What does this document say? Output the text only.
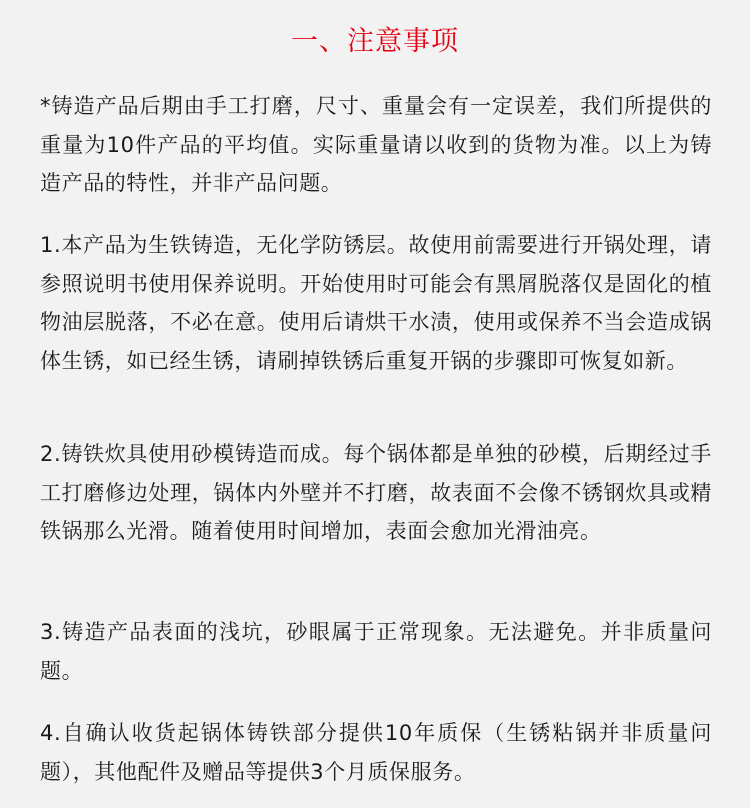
一、注意事项

*铸造产品后期由手工打磨，尺寸、重量会有一定误差，我们所提供的重量为10件产品的平均值。实际重量请以收到的货物为准。以上为铸造产品的特性，并非产品问题。

1.本产品为生铁铸造，无化学防锈层。故使用前需要进行开锅处理，请参照说明书使用保养说明。开始使用时可能会有黑屑脱落仅是固化的植物油层脱落，不必在意。使用后请烘干水渍，使用或保养不当会造成锅体生锈，如已经生锈，请刷掉铁锈后重复开锅的步骤即可恢复如新。

2.铸铁炊具使用砂模铸造而成。每个锅体都是单独的砂模，后期经过手工打磨修边处理，锅体内外壁并不打磨，故表面不会像不锈钢炊具或精铁锅那么光滑。随着使用时间增加，表面会愈加光滑油亮。

3.铸造产品表面的浅坑，砂眼属于正常现象。无法避免。并非质量问题。

4.自确认收货起锅体铸铁部分提供10年质保（生锈粘锅并非质量问题），其他配件及赠品等提供3个月质保服务。
